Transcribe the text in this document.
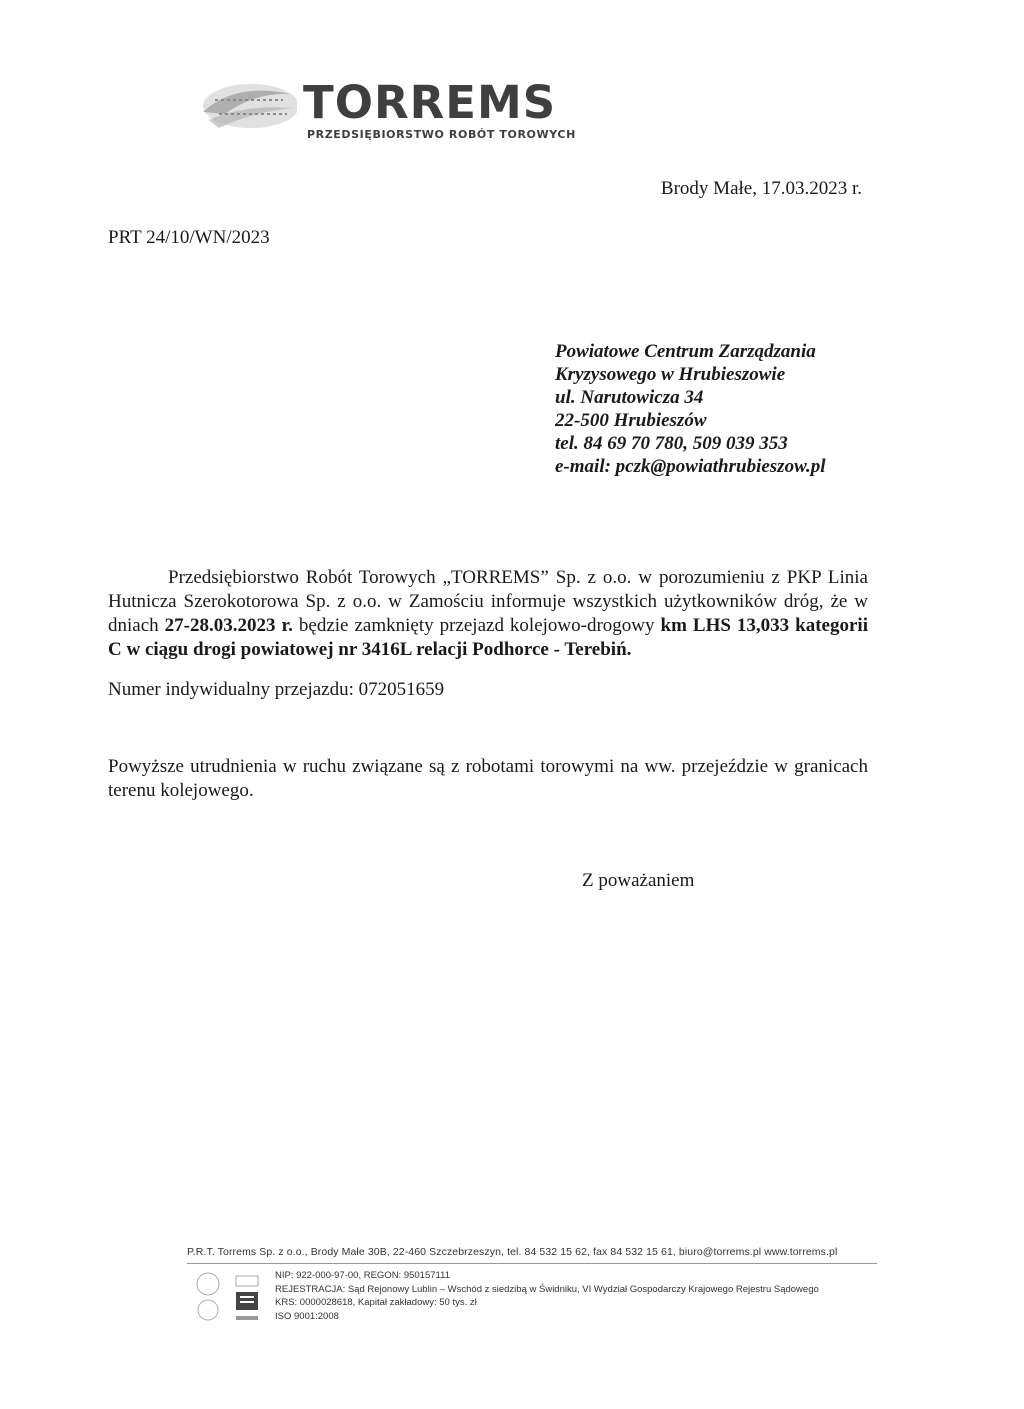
TORREMS
PRZEDSIĘBIORSTWO ROBÓT TOROWYCH
Brody Małe, 17.03.2023 r.
PRT 24/10/WN/2023
Powiatowe Centrum Zarządzania
Kryzysowego w Hrubieszowie
ul. Narutowicza 34
22-500 Hrubieszów
tel. 84 69 70 780, 509 039 353
e-mail: pczk@powiathrubieszow.pl
Przedsiębiorstwo Robót Torowych „TORREMS” Sp. z o.o. w porozumieniu z PKP Linia Hutnicza Szerokotorowa Sp. z o.o. w Zamościu informuje wszystkich użytkowników dróg, że w dniach 27-28.03.2023 r. będzie zamknięty przejazd kolejowo-drogowy km LHS 13,033 kategorii C w ciągu drogi powiatowej nr 3416L relacji Podhorce - Terebiń.
Numer indywidualny przejazdu: 072051659
Powyższe utrudnienia w ruchu związane są z robotami torowymi na ww. przejeździe w granicach terenu kolejowego.
Z poważaniem
P.R.T. Torrems Sp. z o.o., Brody Małe 30B, 22-460 Szczebrzeszyn, tel. 84 532 15 62, fax 84 532 15 61, biuro@torrems.pl www.torrems.pl
NIP: 922-000-97-00, REGON: 950157111
REJESTRACJA: Sąd Rejonowy Lublin – Wschód z siedzibą w Świdniku, VI Wydział Gospodarczy Krajowego Rejestru Sądowego
KRS: 0000028618, Kapitał zakładowy: 50 tys. zł
ISO 9001:2008
